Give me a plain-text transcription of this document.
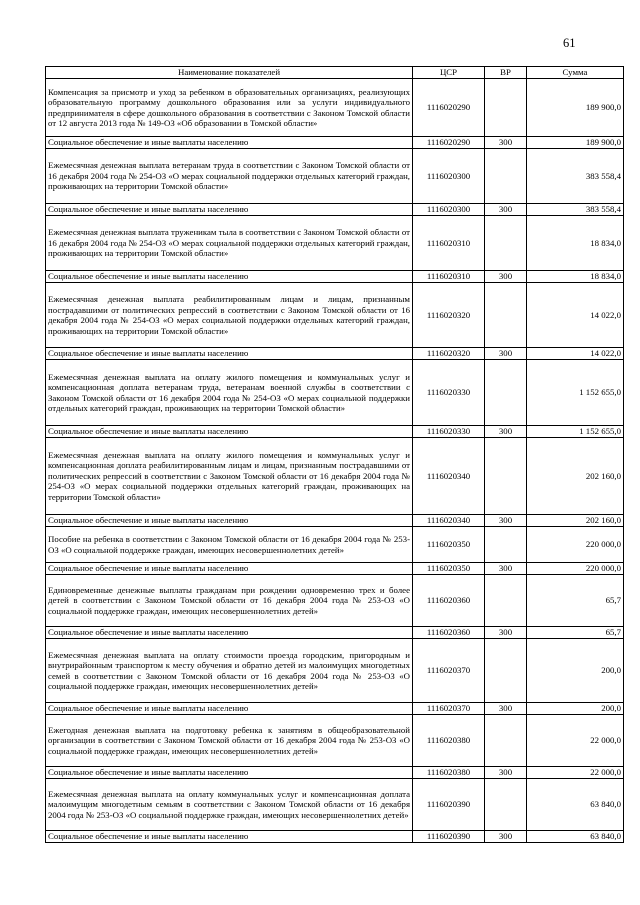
61
Наименование показателей	ЦСР	ВР	Сумма
Компенсация за присмотр и уход за ребенком в образовательных организациях, реализующих образовательную программу дошкольного образования или за услуги индивидуального предпринимателя в сфере дошкольного образования в соответствии с Законом Томской области от 12 августа 2013 года № 149-ОЗ «Об образовании в Томской области»	1116020290		189 900,0
Социальное обеспечение и иные выплаты населению	1116020290	300	189 900,0
Ежемесячная денежная выплата ветеранам труда в соответствии с Законом Томской области от 16 декабря 2004 года № 254-ОЗ «О мерах социальной поддержки отдельных категорий граждан, проживающих на территории Томской области»	1116020300		383 558,4
Социальное обеспечение и иные выплаты населению	1116020300	300	383 558,4
Ежемесячная денежная выплата труженикам тыла в соответствии с Законом Томской области от 16 декабря 2004 года № 254-ОЗ «О мерах социальной поддержки отдельных категорий граждан, проживающих на территории Томской области»	1116020310		18 834,0
Социальное обеспечение и иные выплаты населению	1116020310	300	18 834,0
Ежемесячная денежная выплата реабилитированным лицам и лицам, признанным пострадавшими от политических репрессий в соответствии с Законом Томской области от 16 декабря 2004 года № 254-ОЗ «О мерах социальной поддержки отдельных категорий граждан, проживающих на территории Томской области»	1116020320		14 022,0
Социальное обеспечение и иные выплаты населению	1116020320	300	14 022,0
Ежемесячная денежная выплата на оплату жилого помещения и коммунальных услуг и компенсационная доплата ветеранам труда, ветеранам военной службы в соответствии с Законом Томской области от 16 декабря 2004 года № 254-ОЗ «О мерах социальной поддержки отдельных категорий граждан, проживающих на территории Томской области»	1116020330		1 152 655,0
Социальное обеспечение и иные выплаты населению	1116020330	300	1 152 655,0
Ежемесячная денежная выплата на оплату жилого помещения и коммунальных услуг и компенсационная доплата реабилитированным лицам и лицам, признанным пострадавшими от политических репрессий в соответствии с Законом Томской области от 16 декабря 2004 года № 254-ОЗ «О мерах социальной поддержки отдельных категорий граждан, проживающих на территории Томской области»	1116020340		202 160,0
Социальное обеспечение и иные выплаты населению	1116020340	300	202 160,0
Пособие на ребенка в соответствии с Законом Томской области от 16 декабря 2004 года № 253-ОЗ «О социальной поддержке граждан, имеющих несовершеннолетних детей»	1116020350		220 000,0
Социальное обеспечение и иные выплаты населению	1116020350	300	220 000,0
Единовременные денежные выплаты гражданам при рождении одновременно трех и более детей в соответствии с Законом Томской области от 16 декабря 2004 года № 253-ОЗ «О социальной поддержке граждан, имеющих несовершеннолетних детей»	1116020360		65,7
Социальное обеспечение и иные выплаты населению	1116020360	300	65,7
Ежемесячная денежная выплата на оплату стоимости проезда городским, пригородным и внутрирайонным транспортом к месту обучения и обратно детей из малоимущих многодетных семей в соответствии с Законом Томской области от 16 декабря 2004 года № 253-ОЗ «О социальной поддержке граждан, имеющих несовершеннолетних детей»	1116020370		200,0
Социальное обеспечение и иные выплаты населению	1116020370	300	200,0
Ежегодная денежная выплата на подготовку ребенка к занятиям в общеобразовательной организации в соответствии с Законом Томской области от 16 декабря 2004 года № 253-ОЗ «О социальной поддержке граждан, имеющих несовершеннолетних детей»	1116020380		22 000,0
Социальное обеспечение и иные выплаты населению	1116020380	300	22 000,0
Ежемесячная денежная выплата на оплату коммунальных услуг и компенсационная доплата малоимущим многодетным семьям в соответствии с Законом Томской области от 16 декабря 2004 года № 253-ОЗ «О социальной поддержке граждан, имеющих несовершеннолетних детей»	1116020390		63 840,0
Социальное обеспечение и иные выплаты населению	1116020390	300	63 840,0
